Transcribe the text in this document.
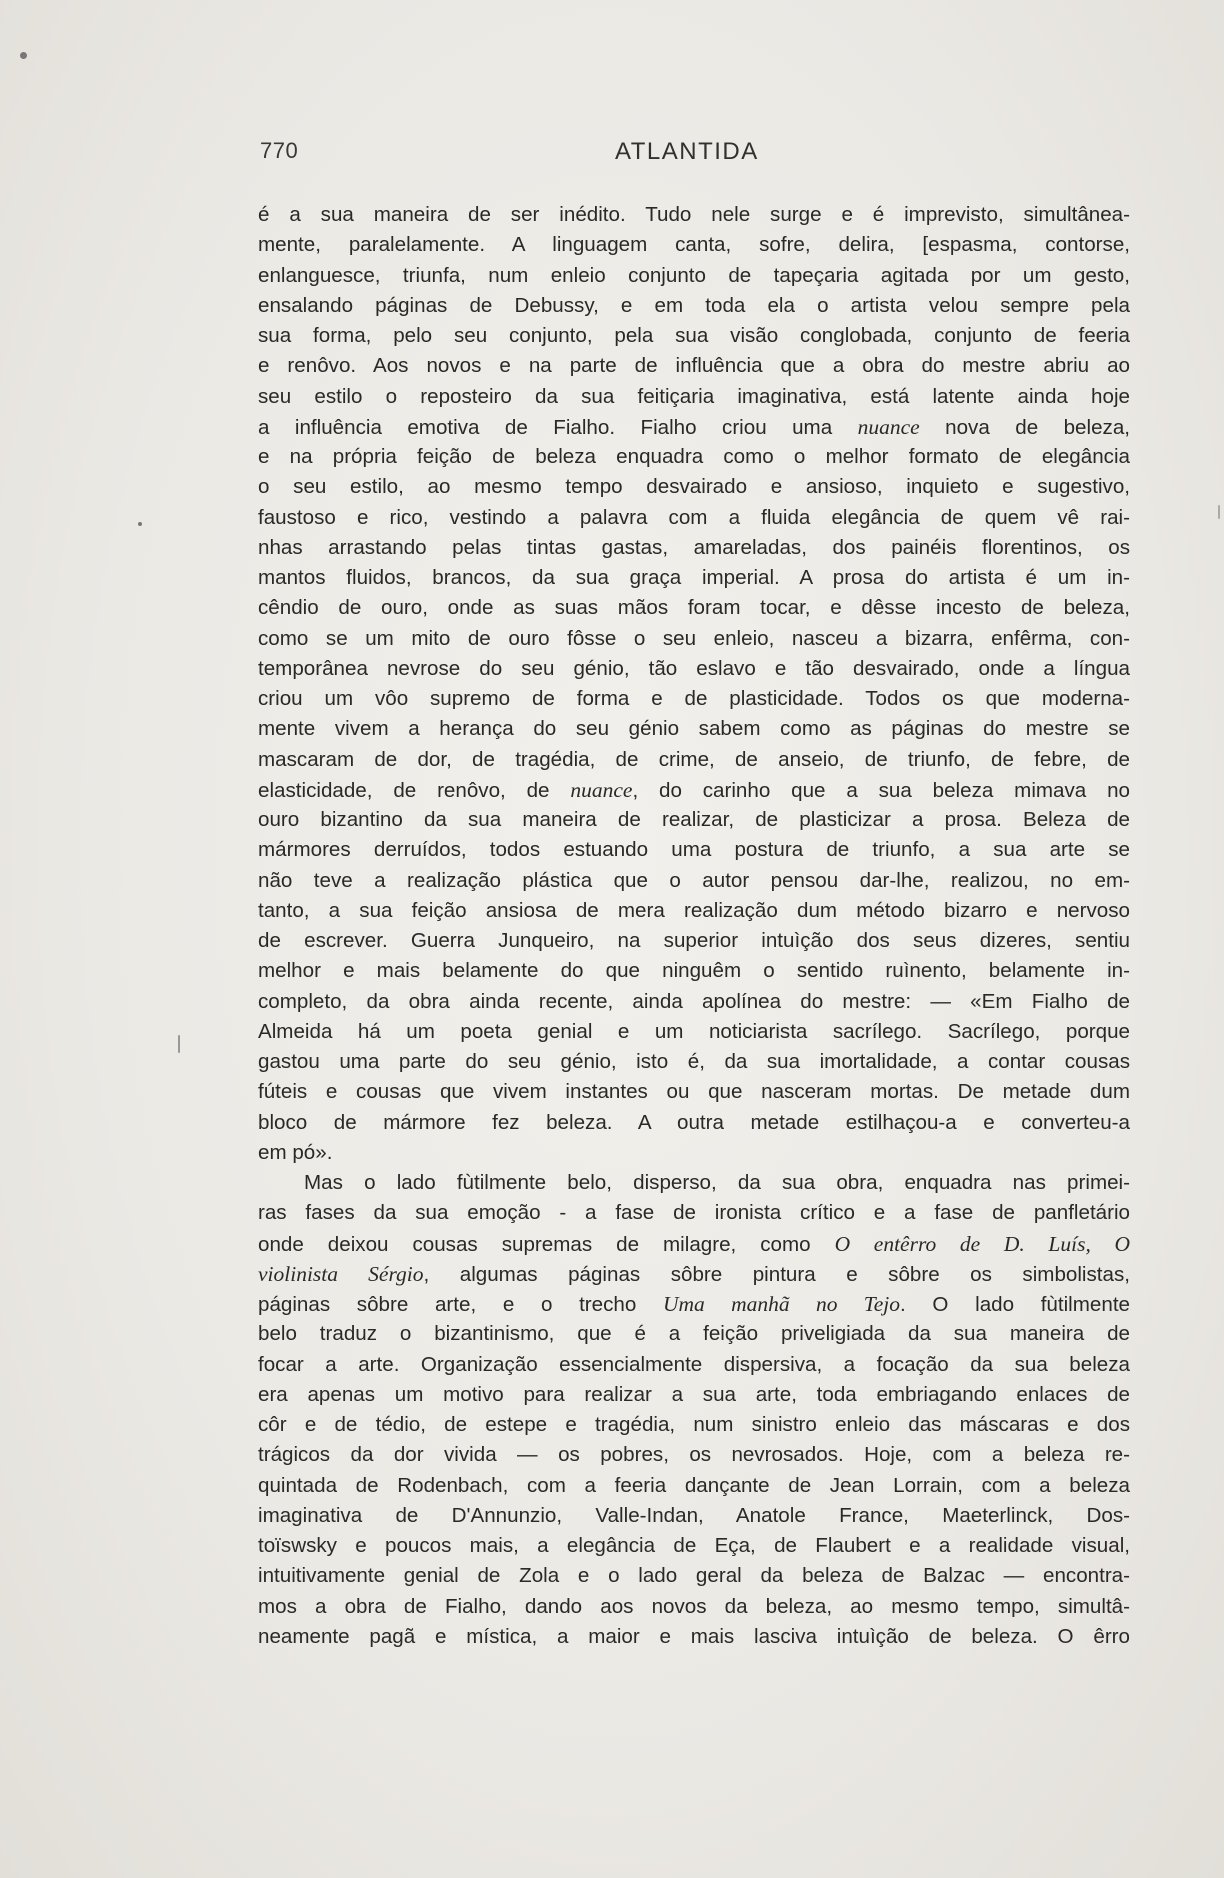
770	ATLANTIDA
é a sua maneira de ser inédito. Tudo nele surge e é imprevisto, simultânea-
mente, paralelamente. A linguagem canta, sofre, delira, [espasma, contorse,
enlanguesce, triunfa, num enleio conjunto de tapeçaria agitada por um gesto,
ensalando páginas de Debussy, e em toda ela o artista velou sempre pela
sua forma, pelo seu conjunto, pela sua visão conglobada, conjunto de feeria
e renôvo. Aos novos e na parte de influência que a obra do mestre abriu ao
seu estilo o reposteiro da sua feitiçaria imaginativa, está latente ainda hoje
a influência emotiva de Fialho. Fialho criou uma nuance nova de beleza,
e na própria feição de beleza enquadra como o melhor formato de elegância
o seu estilo, ao mesmo tempo desvairado e ansioso, inquieto e sugestivo,
faustoso e rico, vestindo a palavra com a fluida elegância de quem vê rai-
nhas arrastando pelas tintas gastas, amareladas, dos painéis florentinos, os
mantos fluidos, brancos, da sua graça imperial. A prosa do artista é um in-
cêndio de ouro, onde as suas mãos foram tocar, e dêsse incesto de beleza,
como se um mito de ouro fôsse o seu enleio, nasceu a bizarra, enfêrma, con-
temporânea nevrose do seu génio, tão eslavo e tão desvairado, onde a língua
criou um vôo supremo de forma e de plasticidade. Todos os que moderna-
mente vivem a herança do seu génio sabem como as páginas do mestre se
mascaram de dor, de tragédia, de crime, de anseio, de triunfo, de febre, de
elasticidade, de renôvo, de nuance, do carinho que a sua beleza mimava no
ouro bizantino da sua maneira de realizar, de plasticizar a prosa. Beleza de
mármores derruídos, todos estuando uma postura de triunfo, a sua arte se
não teve a realização plástica que o autor pensou dar-lhe, realizou, no em-
tanto, a sua feição ansiosa de mera realização dum método bizarro e nervoso
de escrever. Guerra Junqueiro, na superior intuìção dos seus dizeres, sentiu
melhor e mais belamente do que ninguêm o sentido ruìnento, belamente in-
completo, da obra ainda recente, ainda apolínea do mestre: — «Em Fialho de
Almeida há um poeta genial e um noticiarista sacrílego. Sacrílego, porque
gastou uma parte do seu génio, isto é, da sua imortalidade, a contar cousas
fúteis e cousas que vivem instantes ou que nasceram mortas. De metade dum
bloco de mármore fez beleza. A outra metade estilhaçou-a e converteu-a
em pó».
Mas o lado fùtilmente belo, disperso, da sua obra, enquadra nas primei-
ras fases da sua emoção - a fase de ironista crítico e a fase de panfletário
onde deixou cousas supremas de milagre, como O entêrro de D. Luís, O
violinista Sérgio, algumas páginas sôbre pintura e sôbre os simbolistas,
páginas sôbre arte, e o trecho Uma manhã no Tejo. O lado fùtilmente
belo traduz o bizantinismo, que é a feição priveligiada da sua maneira de
focar a arte. Organização essencialmente dispersiva, a focação da sua beleza
era apenas um motivo para realizar a sua arte, toda embriagando enlaces de
côr e de tédio, de estepe e tragédia, num sinistro enleio das máscaras e dos
trágicos da dor vivida — os pobres, os nevrosados. Hoje, com a beleza re-
quintada de Rodenbach, com a feeria dançante de Jean Lorrain, com a beleza
imaginativa de D'Annunzio, Valle-Indan, Anatole France, Maeterlinck, Dos-
toïswsky e poucos mais, a elegância de Eça, de Flaubert e a realidade visual,
intuitivamente genial de Zola e o lado geral da beleza de Balzac — encontra-
mos a obra de Fialho, dando aos novos da beleza, ao mesmo tempo, simultâ-
neamente pagã e mística, a maior e mais lasciva intuìção de beleza. O êrro
